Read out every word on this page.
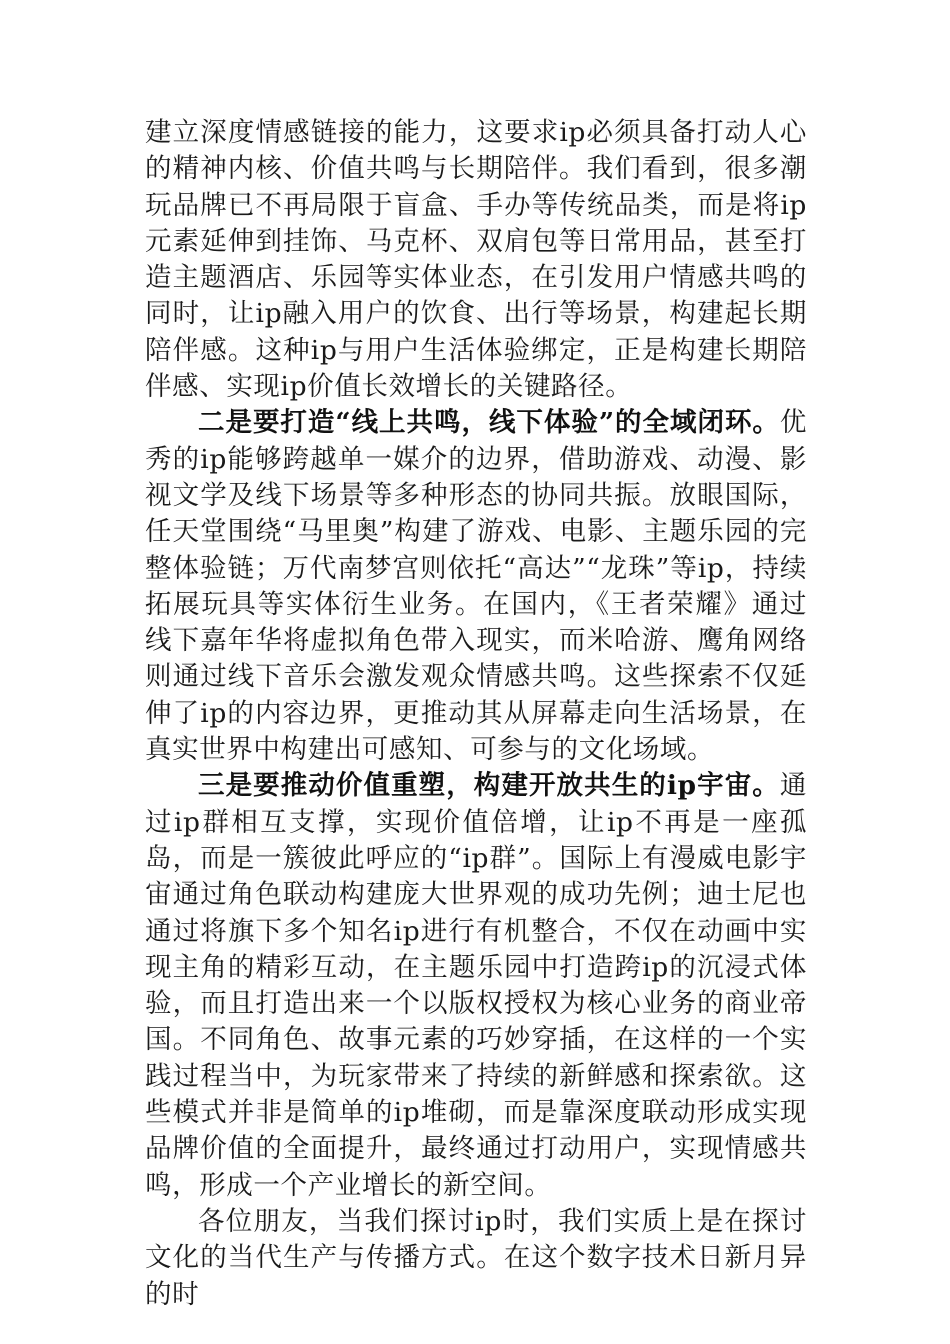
建立深度情感链接的能力，这要求ip必须具备打动人心的精神内核、价值共鸣与长期陪伴。我们看到，很多潮玩品牌已不再局限于盲盒、手办等传统品类，而是将ip元素延伸到挂饰、马克杯、双肩包等日常用品，甚至打造主题酒店、乐园等实体业态，在引发用户情感共鸣的同时，让ip融入用户的饮食、出行等场景，构建起长期陪伴感。这种ip与用户生活体验绑定，正是构建长期陪伴感、实现ip价值长效增长的关键路径。

二是要打造“线上共鸣，线下体验”的全域闭环。优秀的ip能够跨越单一媒介的边界，借助游戏、动漫、影视文学及线下场景等多种形态的协同共振。放眼国际，任天堂围绕“马里奥”构建了游戏、电影、主题乐园的完整体验链；万代南梦宫则依托“高达”“龙珠”等ip，持续拓展玩具等实体衍生业务。在国内，《王者荣耀》通过线下嘉年华将虚拟角色带入现实，而米哈游、鹰角网络则通过线下音乐会激发观众情感共鸣。这些探索不仅延伸了ip的内容边界，更推动其从屏幕走向生活场景，在真实世界中构建出可感知、可参与的文化场域。

三是要推动价值重塑，构建开放共生的ip宇宙。通过ip群相互支撑，实现价值倍增，让ip不再是一座孤岛，而是一簇彼此呼应的“ip群”。国际上有漫威电影宇宙通过角色联动构建庞大世界观的成功先例；迪士尼也通过将旗下多个知名ip进行有机整合，不仅在动画中实现主角的精彩互动，在主题乐园中打造跨ip的沉浸式体验，而且打造出来一个以版权授权为核心业务的商业帝国。不同角色、故事元素的巧妙穿插，在这样的一个实践过程当中，为玩家带来了持续的新鲜感和探索欲。这些模式并非是简单的ip堆砌，而是靠深度联动形成实现品牌价值的全面提升，最终通过打动用户，实现情感共鸣，形成一个产业增长的新空间。

各位朋友，当我们探讨ip时，我们实质上是在探讨文化的当代生产与传播方式。在这个数字技术日新月异的时
